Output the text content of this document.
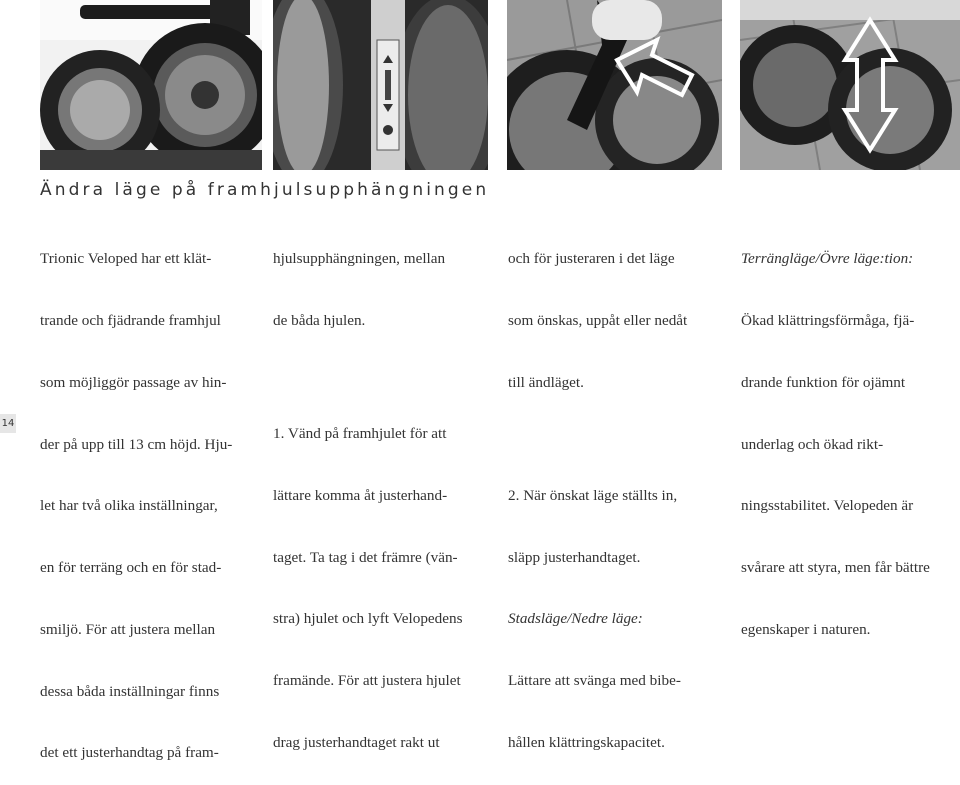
Ändra läge på framhjulsupphängningen

Trionic Veloped har ett klät-

trande och fjädrande framhjul

som möjliggör passage av hin-

der på upp till 13 cm höjd. Hju-

let har två olika inställningar,

en för terräng och en för stad-

smiljö. För att justera mellan

dessa båda inställningar finns

det ett justerhandtag på fram-

hjulsupphängningen, mellan

de båda hjulen.

1. Vänd på framhjulet för att

lättare komma åt justerhand-

taget. Ta tag i det främre (vän-

stra) hjulet och lyft Velopedens

framände. För att justera hjulet

drag justerhandtaget rakt ut

och för justeraren i det läge

som önskas, uppåt eller nedåt

till ändläget.

2. När önskat läge ställts in,

släpp justerhandtaget.

Stadsläge/Nedre läge:

Lättare att svänga med bibe-

hållen klättringskapacitet.

Terrängläge/Övre läge:tion:

Ökad klättringsförmåga, fjä-

drande funktion för ojämnt

underlag och ökad rikt-

ningsstabilitet. Velopeden är

svårare att styra, men får bättre

egenskaper i naturen.

14
